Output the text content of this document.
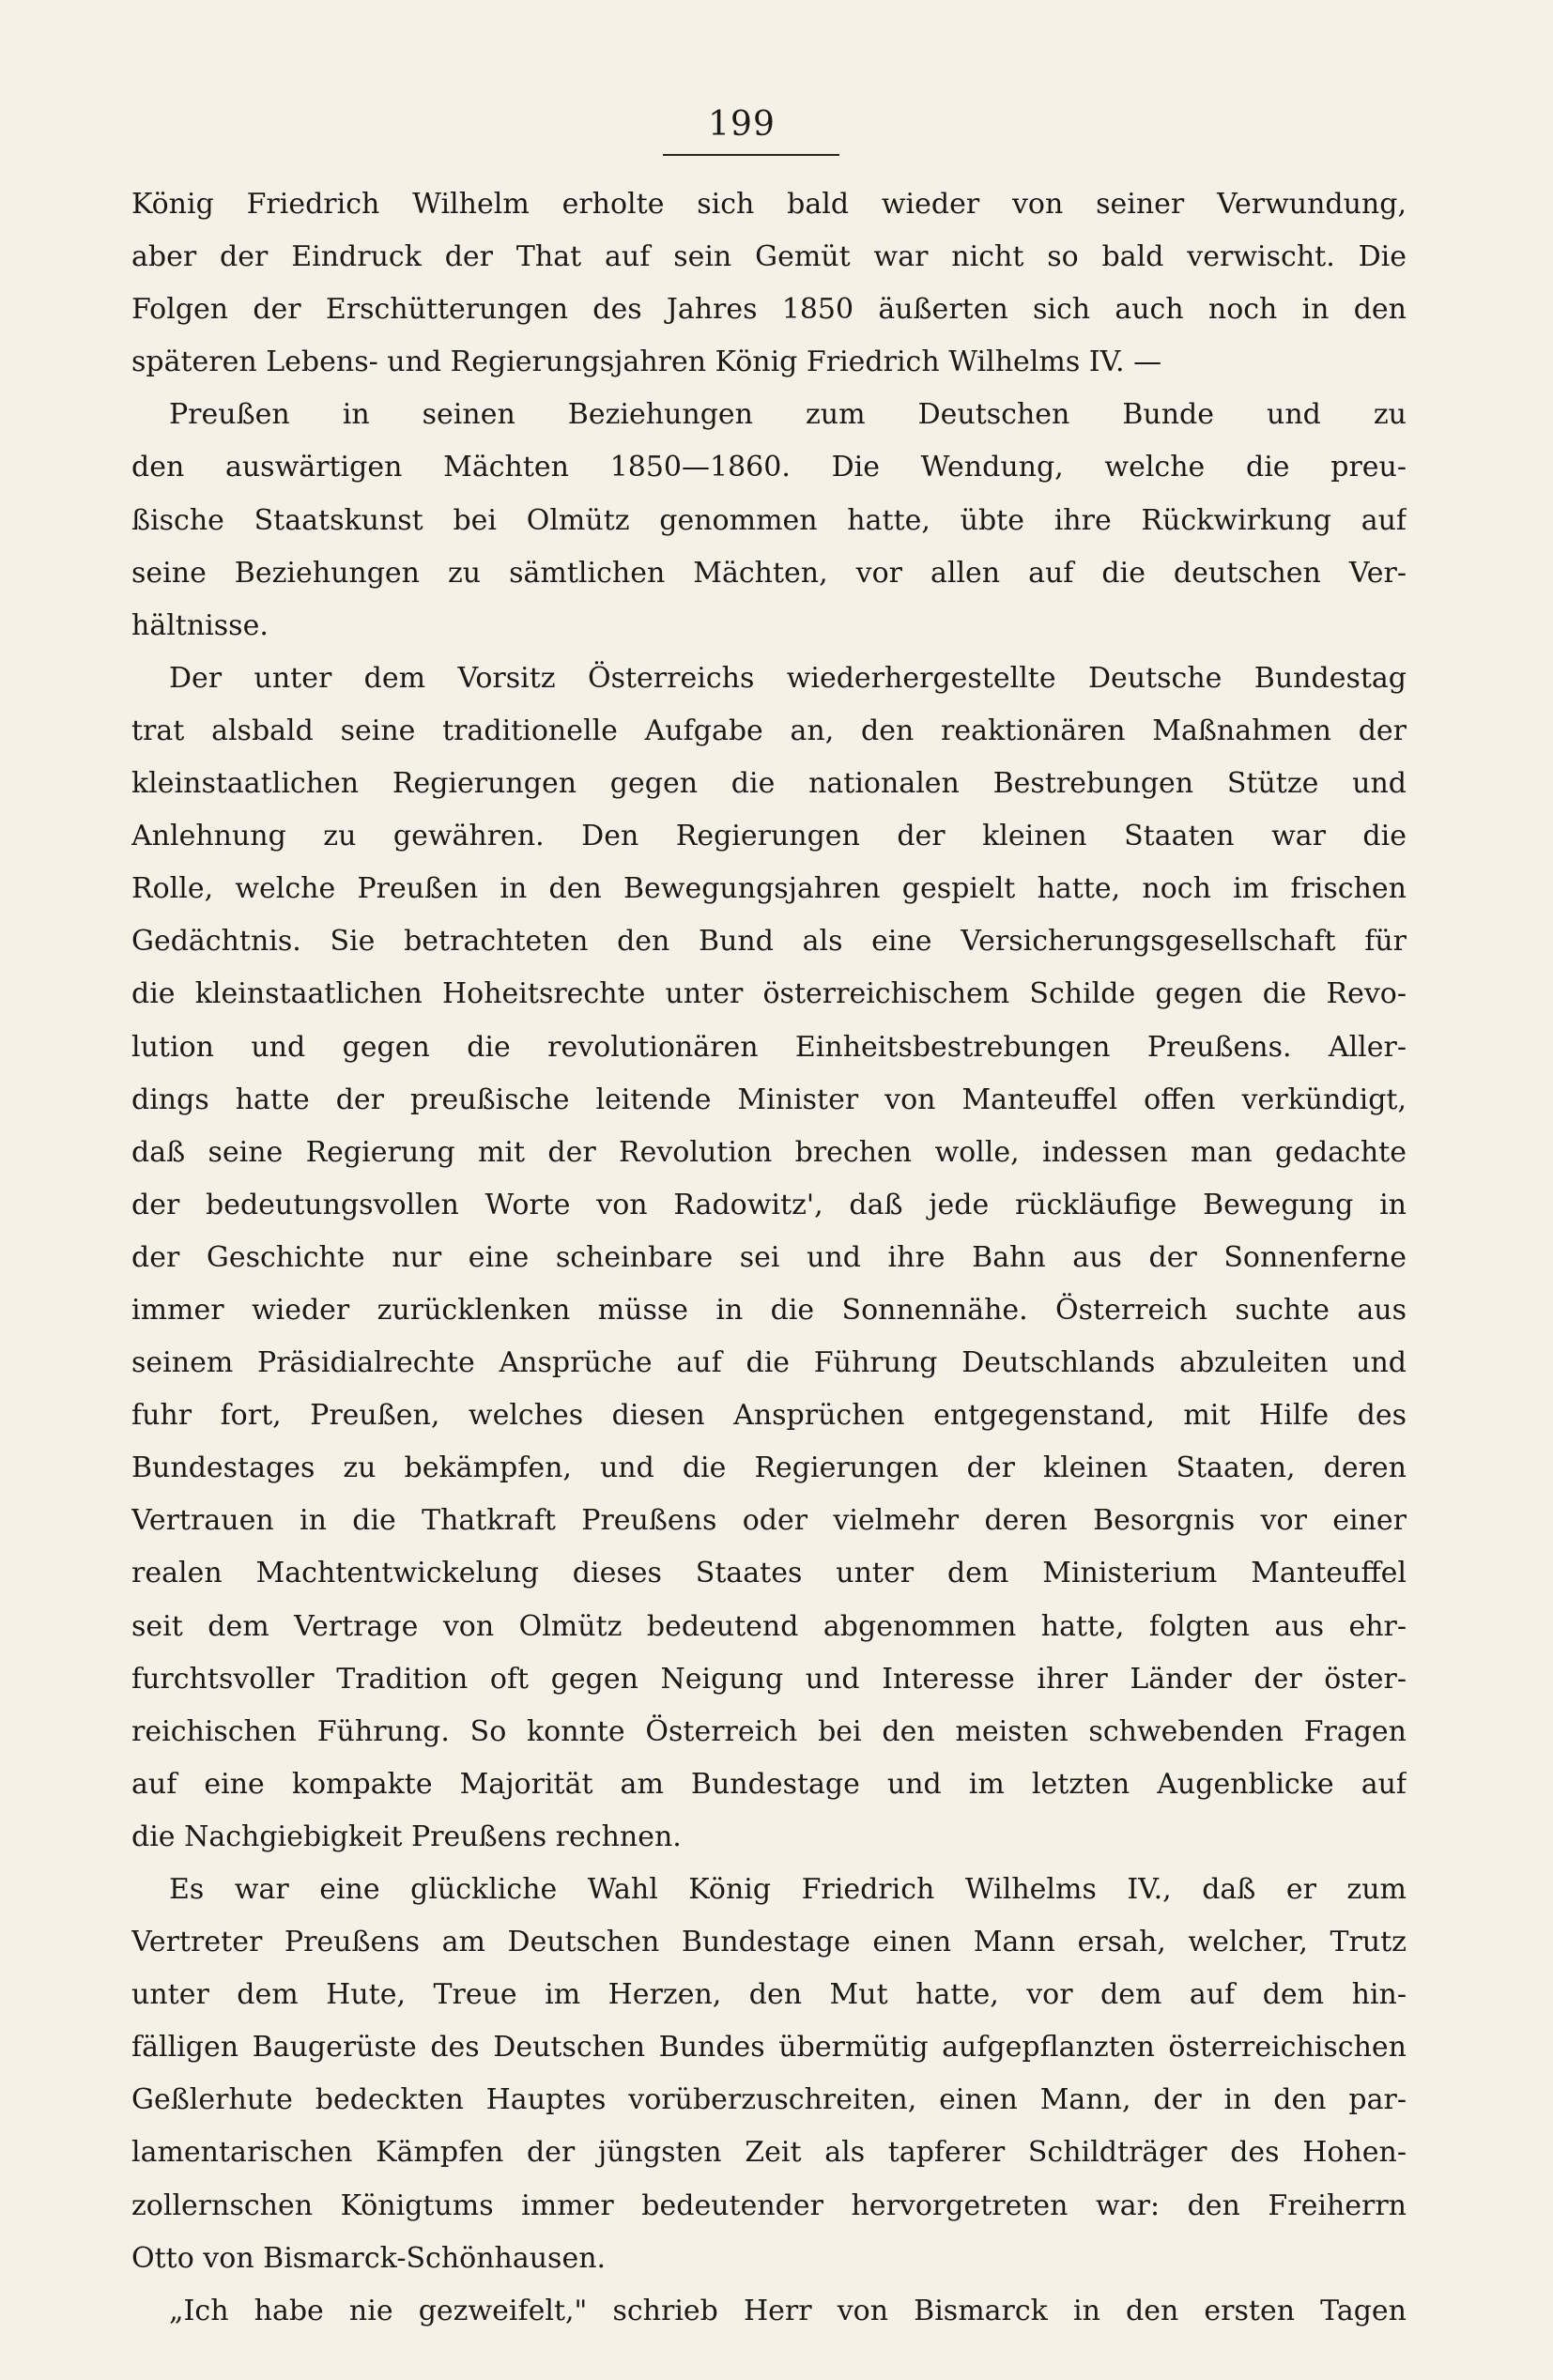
199
König Friedrich Wilhelm erholte sich bald wieder von seiner Verwundung,
aber der Eindruck der That auf sein Gemüt war nicht so bald verwischt. Die
Folgen der Erschütterungen des Jahres 1850 äußerten sich auch noch in den
späteren Lebens- und Regierungsjahren König Friedrich Wilhelms IV. —
Preußen in seinen Beziehungen zum Deutschen Bunde und zu
den auswärtigen Mächten 1850—1860. Die Wendung, welche die preu-
ßische Staatskunst bei Olmütz genommen hatte, übte ihre Rückwirkung auf
seine Beziehungen zu sämtlichen Mächten, vor allen auf die deutschen Ver-
hältnisse.
Der unter dem Vorsitz Österreichs wiederhergestellte Deutsche Bundestag
trat alsbald seine traditionelle Aufgabe an, den reaktionären Maßnahmen der
kleinstaatlichen Regierungen gegen die nationalen Bestrebungen Stütze und
Anlehnung zu gewähren. Den Regierungen der kleinen Staaten war die
Rolle, welche Preußen in den Bewegungsjahren gespielt hatte, noch im frischen
Gedächtnis. Sie betrachteten den Bund als eine Versicherungsgesellschaft für
die kleinstaatlichen Hoheitsrechte unter österreichischem Schilde gegen die Revo-
lution und gegen die revolutionären Einheitsbestrebungen Preußens. Aller-
dings hatte der preußische leitende Minister von Manteuffel offen verkündigt,
daß seine Regierung mit der Revolution brechen wolle, indessen man gedachte
der bedeutungsvollen Worte von Radowitz', daß jede rückläufige Bewegung in
der Geschichte nur eine scheinbare sei und ihre Bahn aus der Sonnenferne
immer wieder zurücklenken müsse in die Sonnennähe. Österreich suchte aus
seinem Präsidialrechte Ansprüche auf die Führung Deutschlands abzuleiten und
fuhr fort, Preußen, welches diesen Ansprüchen entgegenstand, mit Hilfe des
Bundestages zu bekämpfen, und die Regierungen der kleinen Staaten, deren
Vertrauen in die Thatkraft Preußens oder vielmehr deren Besorgnis vor einer
realen Machtentwickelung dieses Staates unter dem Ministerium Manteuffel
seit dem Vertrage von Olmütz bedeutend abgenommen hatte, folgten aus ehr-
furchtsvoller Tradition oft gegen Neigung und Interesse ihrer Länder der öster-
reichischen Führung. So konnte Österreich bei den meisten schwebenden Fragen
auf eine kompakte Majorität am Bundestage und im letzten Augenblicke auf
die Nachgiebigkeit Preußens rechnen.
Es war eine glückliche Wahl König Friedrich Wilhelms IV., daß er zum
Vertreter Preußens am Deutschen Bundestage einen Mann ersah, welcher, Trutz
unter dem Hute, Treue im Herzen, den Mut hatte, vor dem auf dem hin-
fälligen Baugerüste des Deutschen Bundes übermütig aufgepflanzten österreichischen
Geßlerhute bedeckten Hauptes vorüberzuschreiten, einen Mann, der in den par-
lamentarischen Kämpfen der jüngsten Zeit als tapferer Schildträger des Hohen-
zollernschen Königtums immer bedeutender hervorgetreten war: den Freiherrn
Otto von Bismarck-Schönhausen.
„Ich habe nie gezweifelt," schrieb Herr von Bismarck in den ersten Tagen
